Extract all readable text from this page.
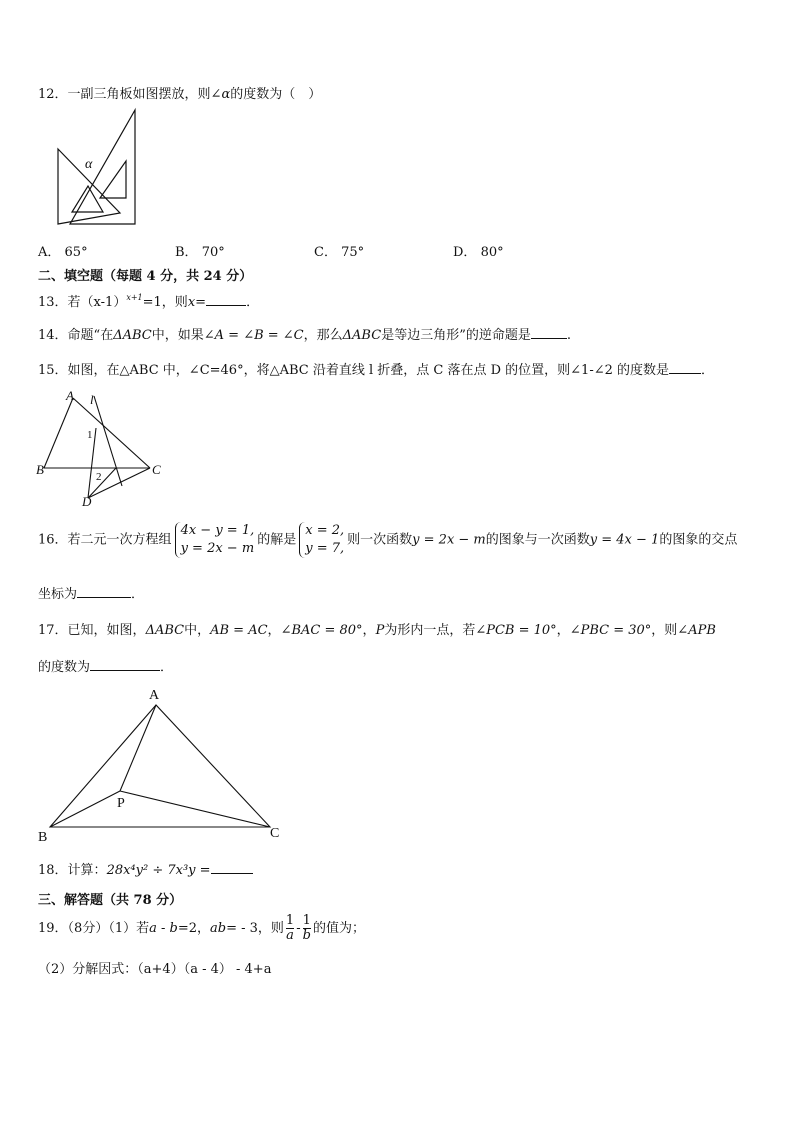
12．一副三角板如图摆放，则∠α的度数为（　）
α
A． 65°	B． 70°	C． 75°	D． 80°
二、填空题（每题 4 分，共 24 分）
13．若$(x-1)^{x+1}=1$，则x=	．
14．命题“在ΔABC中，如果∠A = ∠B = ∠C，那么ΔABC是等边三角形”的逆命题是	.
15．如图，在△ABC 中，∠C=46°，将△ABC 沿着直线 l 折叠，点 C 落在点 D 的位置，则∠1-∠2 的度数是 ．
A l
1
B	C
2
D
16．若二元一次方程组
4x − y = 1,
y = 2x − m
的解是
x = 2,
y = 7,
则一次函数y = 2x − m的图象与一次函数y = 4x − 1的图象的交点
坐标为	．
17．已知，如图，ΔABC中，AB = AC，∠BAC = 80°，P为形内一点，若∠PCB = 10°，∠PBC = 30°，则∠APB
的度数为	．
A
P
B	C
18．计算：28x⁴y² ÷ 7x³y =
三、解答题（共 78 分）
19．（8分）（1）若a - b=2，ab= - 3，则 $\frac{1}{a} - \frac{1}{b}$ 的值为；
（2）分解因式：（a+4）（a - 4） - 4+a
